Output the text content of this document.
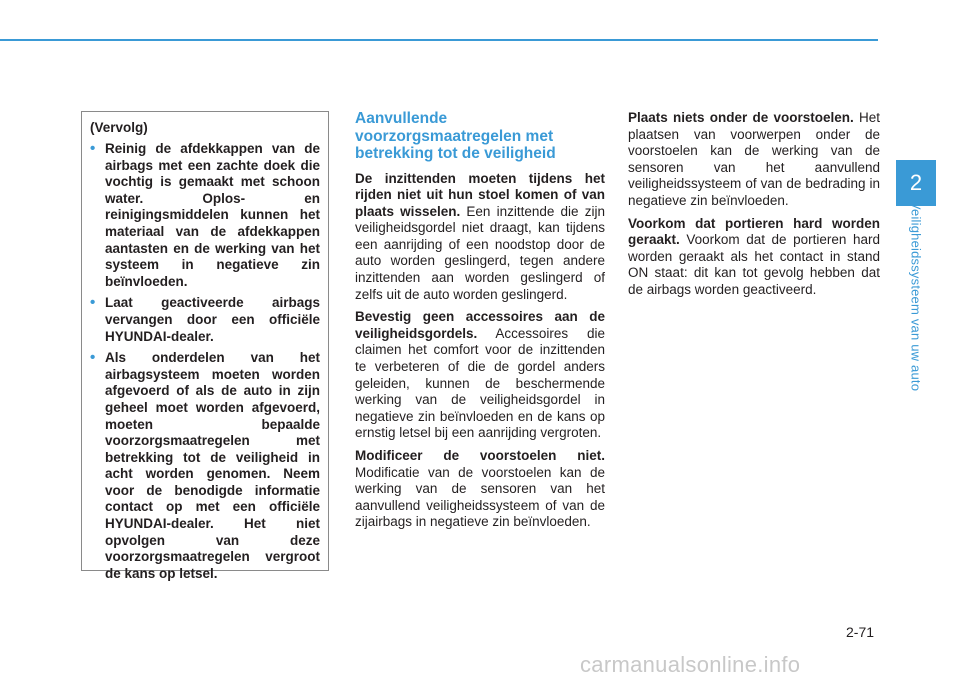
2
Veiligheidssysteem van uw auto
(Vervolg)
• Reinig de afdekkappen van de airbags met een zachte doek die vochtig is gemaakt met schoon water. Oplos- en reinigingsmiddelen kunnen het materiaal van de afdekkappen aantasten en de werking van het systeem in negatieve zin beïnvloeden.
• Laat geactiveerde airbags vervangen door een officiële HYUNDAI-dealer.
• Als onderdelen van het airbagsysteem moeten worden afgevoerd of als de auto in zijn geheel moet worden afgevoerd, moeten bepaalde voorzorgsmaatregelen met betrekking tot de veiligheid in acht worden genomen. Neem voor de benodigde informatie contact op met een officiële HYUNDAI-dealer. Het niet opvolgen van deze voorzorgsmaatregelen vergroot de kans op letsel.
Aanvullende voorzorgsmaatregelen met betrekking tot de veiligheid

De inzittenden moeten tijdens het rijden niet uit hun stoel komen of van plaats wisselen. Een inzittende die zijn veiligheidsgordel niet draagt, kan tijdens een aanrijding of een noodstop door de auto worden geslingerd, tegen andere inzittenden aan worden geslingerd of zelfs uit de auto worden geslingerd.

Bevestig geen accessoires aan de veiligheidsgordels. Accessoires die claimen het comfort voor de inzittenden te verbeteren of die de gordel anders geleiden, kunnen de beschermende werking van de veiligheidsgordel in negatieve zin beïnvloeden en de kans op ernstig letsel bij een aanrijding vergroten.

Modificeer de voorstoelen niet. Modificatie van de voorstoelen kan de werking van de sensoren van het aanvullend veiligheidssysteem of van de zijairbags in negatieve zin beïnvloeden.

Plaats niets onder de voorstoelen. Het plaatsen van voorwerpen onder de voorstoelen kan de werking van de sensoren van het aanvullend veiligheidssysteem of van de bedrading in negatieve zin beïnvloeden.

Voorkom dat portieren hard worden geraakt. Voorkom dat de portieren hard worden geraakt als het contact in stand ON staat: dit kan tot gevolg hebben dat de airbags worden geactiveerd.

2-71
carmanualsonline.info
